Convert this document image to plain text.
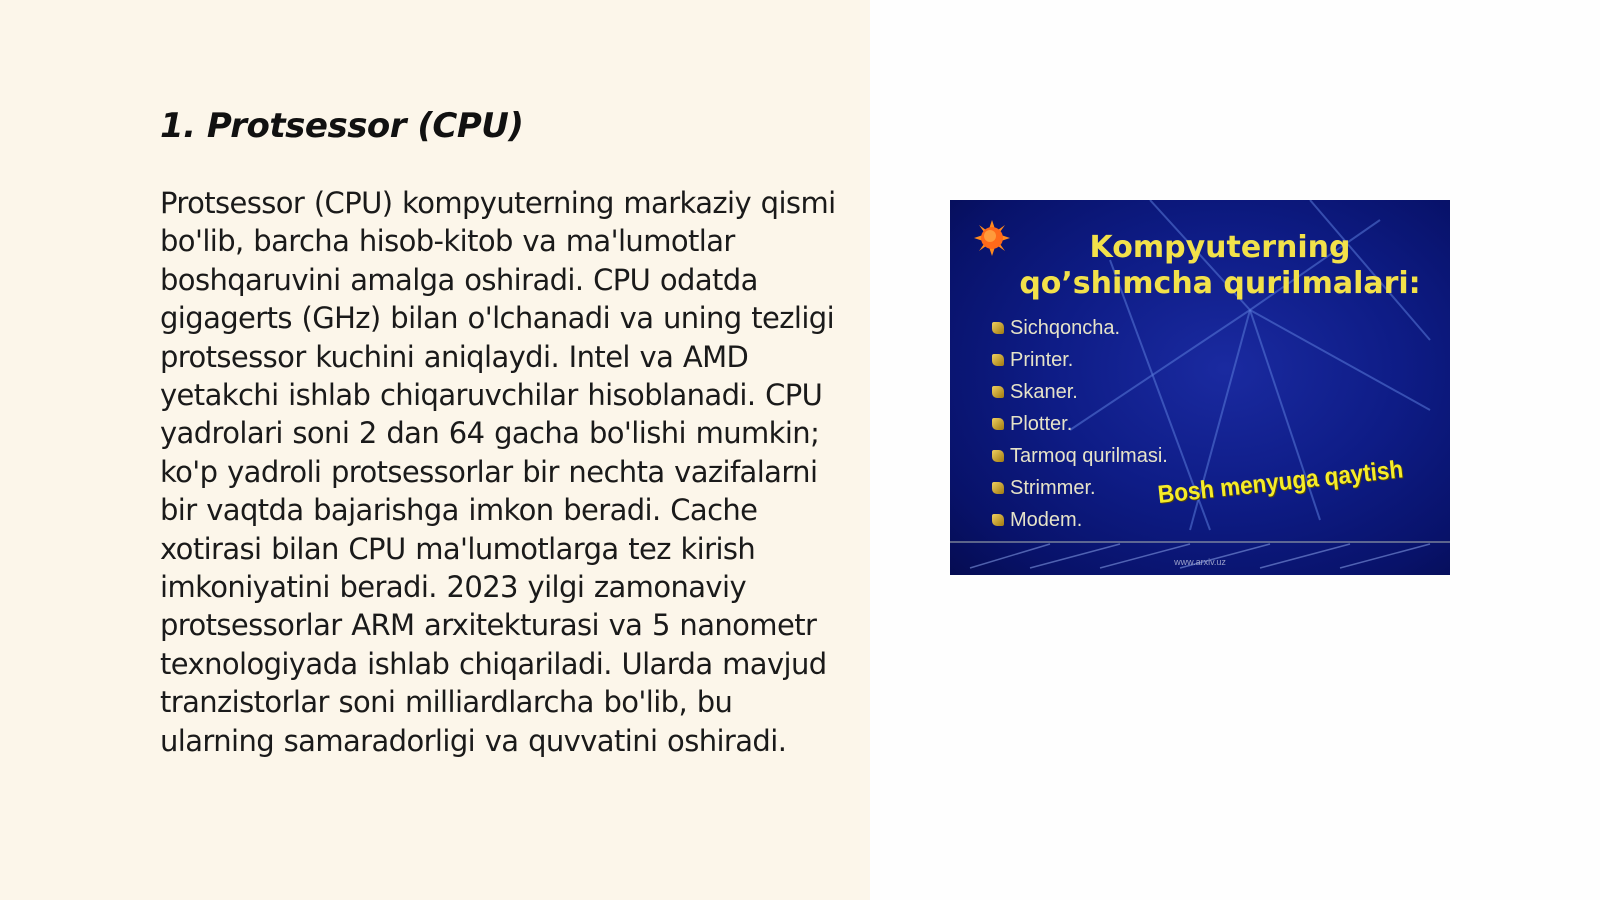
1. Protsessor (CPU)

Protsessor (CPU) kompyuterning markaziy qismi bo'lib, barcha hisob-kitob va ma'lumotlar boshqaruvini amalga oshiradi. CPU odatda gigagerts (GHz) bilan o'lchanadi va uning tezligi protsessor kuchini aniqlaydi. Intel va AMD yetakchi ishlab chiqaruvchilar hisoblanadi. CPU yadrolari soni 2 dan 64 gacha bo'lishi mumkin; ko'p yadroli protsessorlar bir nechta vazifalarni bir vaqtda bajarishga imkon beradi. Cache xotirasi bilan CPU ma'lumotlarga tez kirish imkoniyatini beradi. 2023 yilgi zamonaviy protsessorlar ARM arxitekturasi va 5 nanometr texnologiyada ishlab chiqariladi. Ularda mavjud tranzistorlar soni milliardlarcha bo'lib, bu ularning samaradorligi va quvvatini oshiradi.

Kompyuterning
qo’shimcha qurilmalari:
Sichqoncha.
Printer.
Skaner.
Plotter.
Tarmoq qurilmasi.
Strimmer.
Modem.
Bosh menyuga qaytish
www.arxiv.uz
